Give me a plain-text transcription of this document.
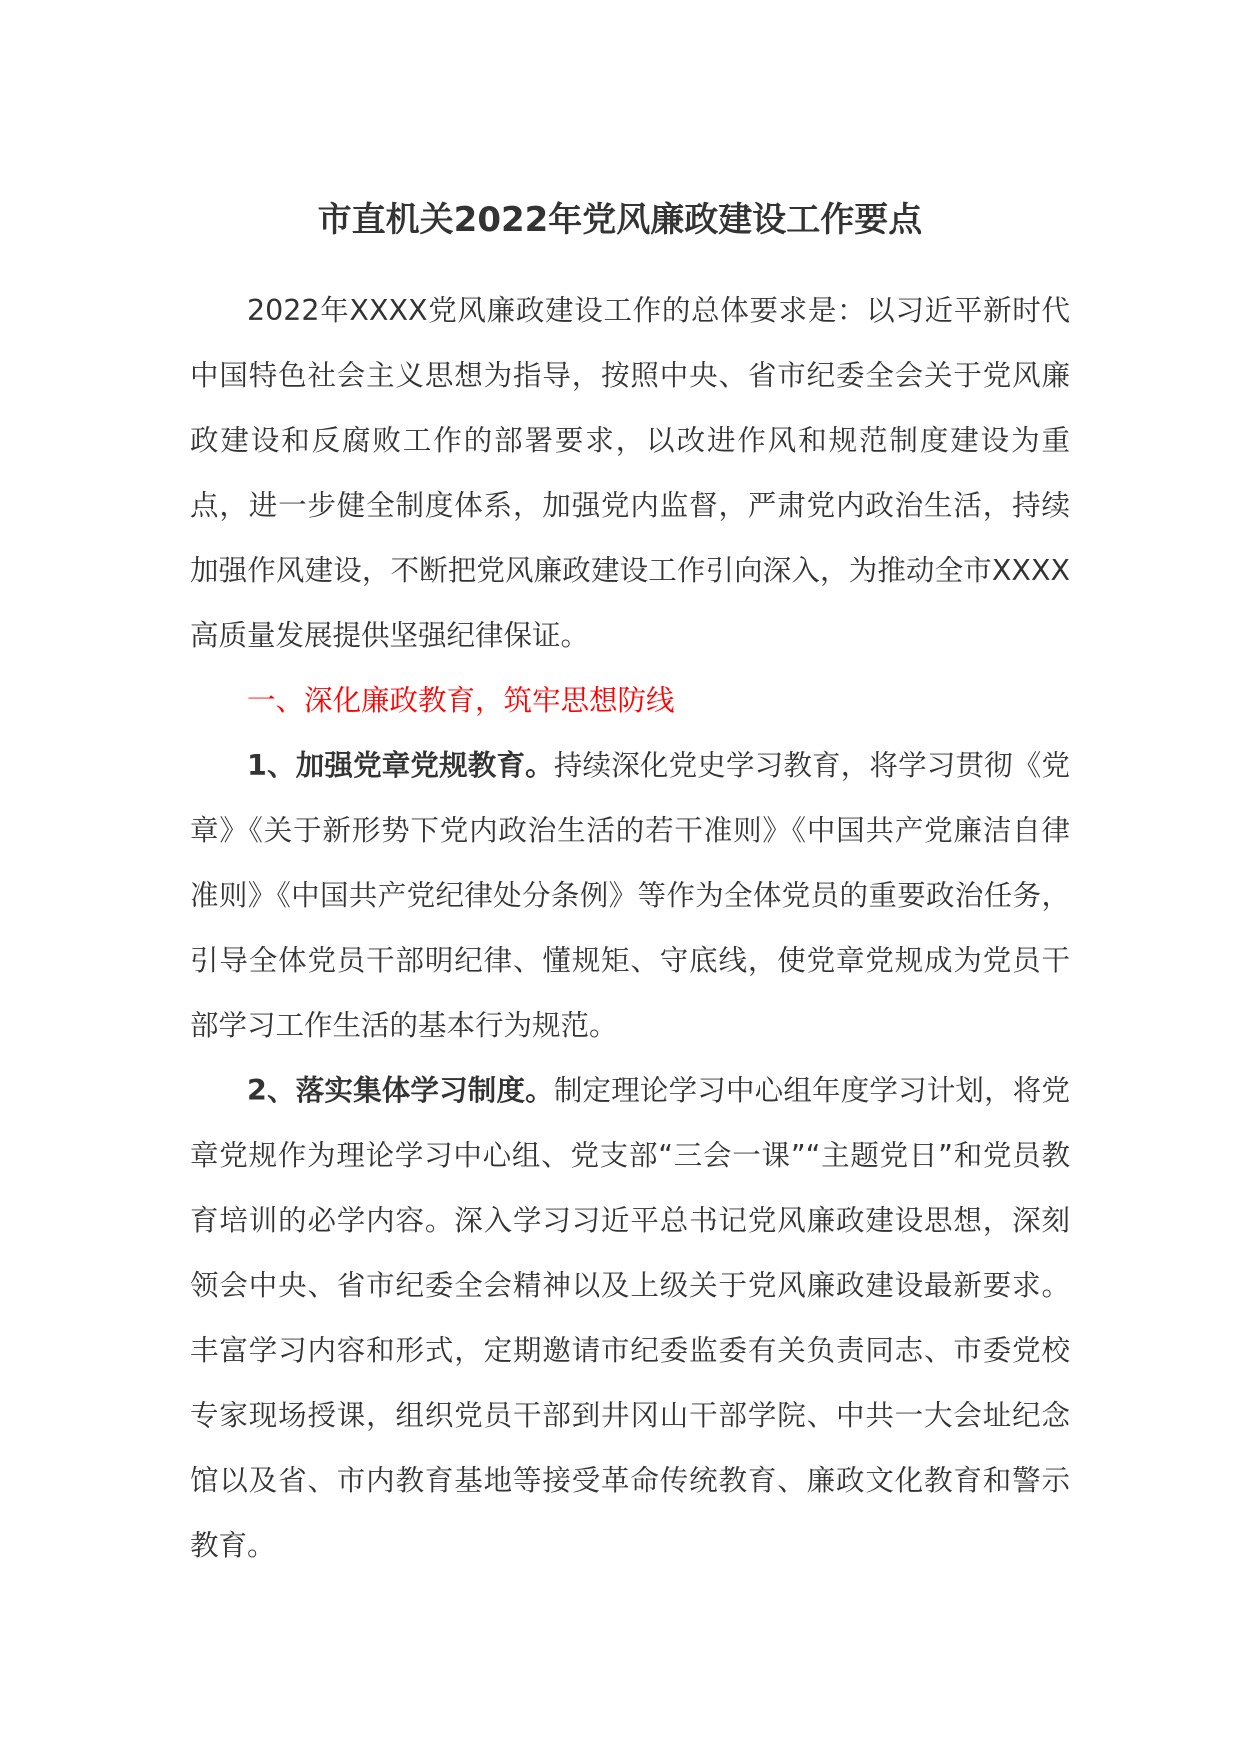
市直机关2022年党风廉政建设工作要点

2022年XXXX党风廉政建设工作的总体要求是：以习近平新时代中国特色社会主义思想为指导，按照中央、省市纪委全会关于党风廉政建设和反腐败工作的部署要求，以改进作风和规范制度建设为重点，进一步健全制度体系，加强党内监督，严肃党内政治生活，持续加强作风建设，不断把党风廉政建设工作引向深入，为推动全市XXXX高质量发展提供坚强纪律保证。

一、深化廉政教育，筑牢思想防线

1、加强党章党规教育。持续深化党史学习教育，将学习贯彻《党章》《关于新形势下党内政治生活的若干准则》《中国共产党廉洁自律准则》《中国共产党纪律处分条例》等作为全体党员的重要政治任务，引导全体党员干部明纪律、懂规矩、守底线，使党章党规成为党员干部学习工作生活的基本行为规范。

2、落实集体学习制度。制定理论学习中心组年度学习计划，将党章党规作为理论学习中心组、党支部“三会一课”“主题党日”和党员教育培训的必学内容。深入学习习近平总书记党风廉政建设思想，深刻领会中央、省市纪委全会精神以及上级关于党风廉政建设最新要求。丰富学习内容和形式，定期邀请市纪委监委有关负责同志、市委党校专家现场授课，组织党员干部到井冈山干部学院、中共一大会址纪念馆以及省、市内教育基地等接受革命传统教育、廉政文化教育和警示教育。
